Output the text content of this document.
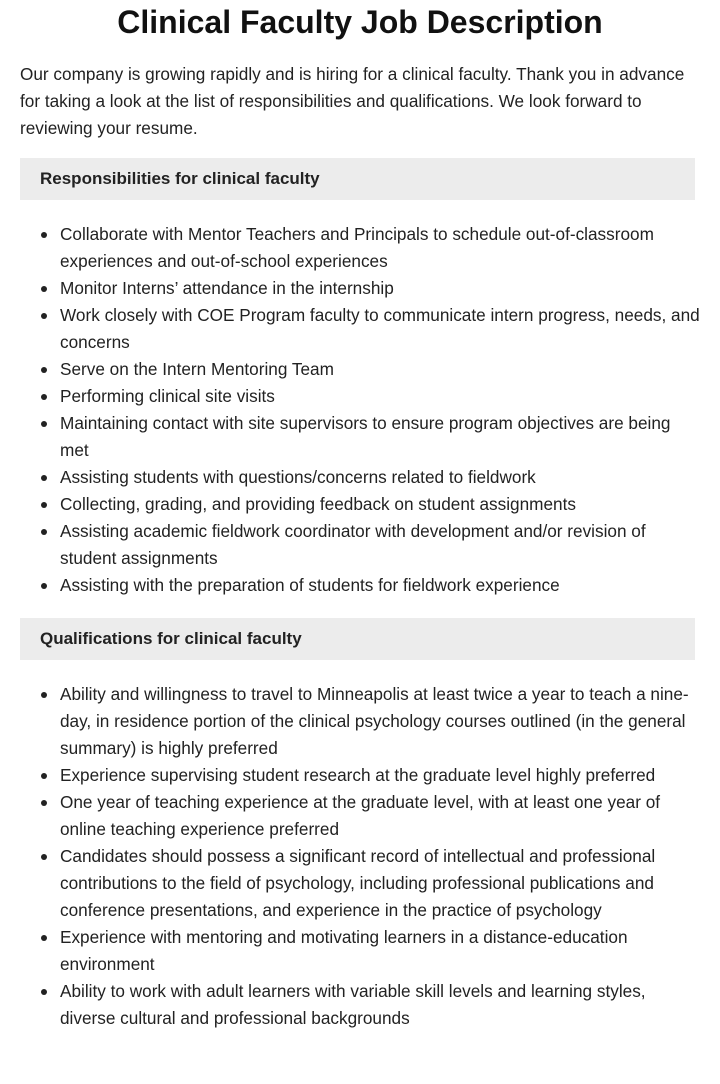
Clinical Faculty Job Description

Our company is growing rapidly and is hiring for a clinical faculty. Thank you in advance for taking a look at the list of responsibilities and qualifications. We look forward to reviewing your resume.

Responsibilities for clinical faculty
Collaborate with Mentor Teachers and Principals to schedule out-of-classroom experiences and out-of-school experiences
Monitor Interns’ attendance in the internship
Work closely with COE Program faculty to communicate intern progress, needs, and concerns
Serve on the Intern Mentoring Team
Performing clinical site visits
Maintaining contact with site supervisors to ensure program objectives are being met
Assisting students with questions/concerns related to fieldwork
Collecting, grading, and providing feedback on student assignments
Assisting academic fieldwork coordinator with development and/or revision of student assignments
Assisting with the preparation of students for fieldwork experience
Qualifications for clinical faculty
Ability and willingness to travel to Minneapolis at least twice a year to teach a nine-day, in residence portion of the clinical psychology courses outlined (in the general summary) is highly preferred
Experience supervising student research at the graduate level highly preferred
One year of teaching experience at the graduate level, with at least one year of online teaching experience preferred
Candidates should possess a significant record of intellectual and professional contributions to the field of psychology, including professional publications and conference presentations, and experience in the practice of psychology
Experience with mentoring and motivating learners in a distance-education environment
Ability to work with adult learners with variable skill levels and learning styles, diverse cultural and professional backgrounds
